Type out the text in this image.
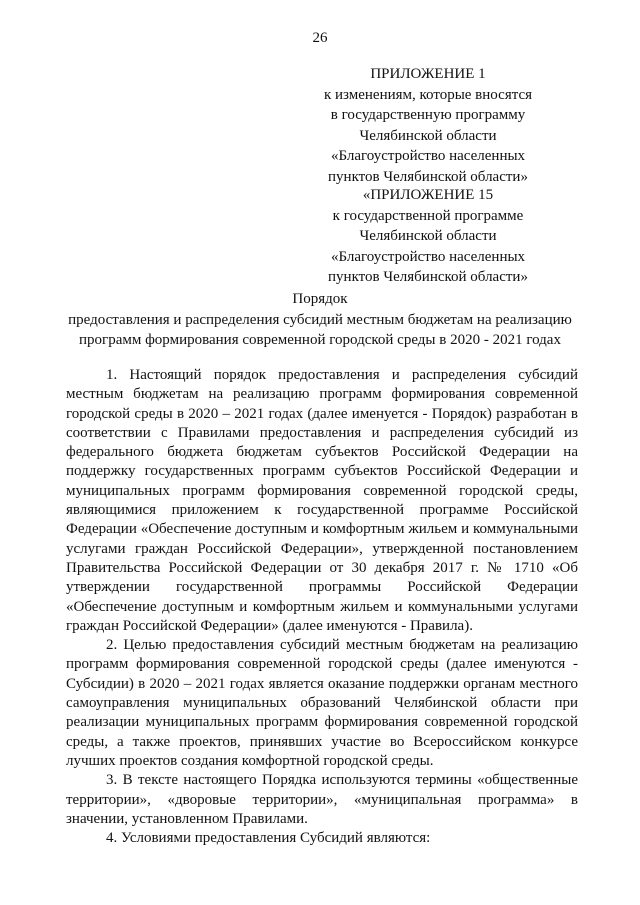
26
ПРИЛОЖЕНИЕ 1
к изменениям, которые вносятся
в государственную программу
Челябинской области
«Благоустройство населенных
пунктов Челябинской области»
«ПРИЛОЖЕНИЕ 15
к государственной программе
Челябинской области
«Благоустройство населенных
пунктов Челябинской области»
Порядок
предоставления и распределения субсидий местным бюджетам на реализацию
программ формирования современной городской среды в 2020 - 2021 годах

1. Настоящий порядок предоставления и распределения субсидий местным бюджетам на реализацию программ формирования современной городской среды в 2020 – 2021 годах (далее именуется - Порядок) разработан в соответствии с Правилами предоставления и распределения субсидий из федерального бюджета бюджетам субъектов Российской Федерации на поддержку государственных программ субъектов Российской Федерации и муниципальных программ формирования современной городской среды, являющимися приложением к государственной программе Российской Федерации «Обеспечение доступным и комфортным жильем и коммунальными услугами граждан Российской Федерации», утвержденной постановлением Правительства Российской Федерации от 30 декабря 2017 г. № 1710 «Об утверждении государственной программы Российской Федерации «Обеспечение доступным и комфортным жильем и коммунальными услугами граждан Российской Федерации» (далее именуются - Правила).

2. Целью предоставления субсидий местным бюджетам на реализацию программ формирования современной городской среды (далее именуются - Субсидии) в 2020 – 2021 годах является оказание поддержки органам местного самоуправления муниципальных образований Челябинской области при реализации муниципальных программ формирования современной городской среды, а также проектов, принявших участие во Всероссийском конкурсе лучших проектов создания комфортной городской среды.

3. В тексте настоящего Порядка используются термины «общественные территории», «дворовые территории», «муниципальная программа» в значении, установленном Правилами.

4. Условиями предоставления Субсидий являются:
